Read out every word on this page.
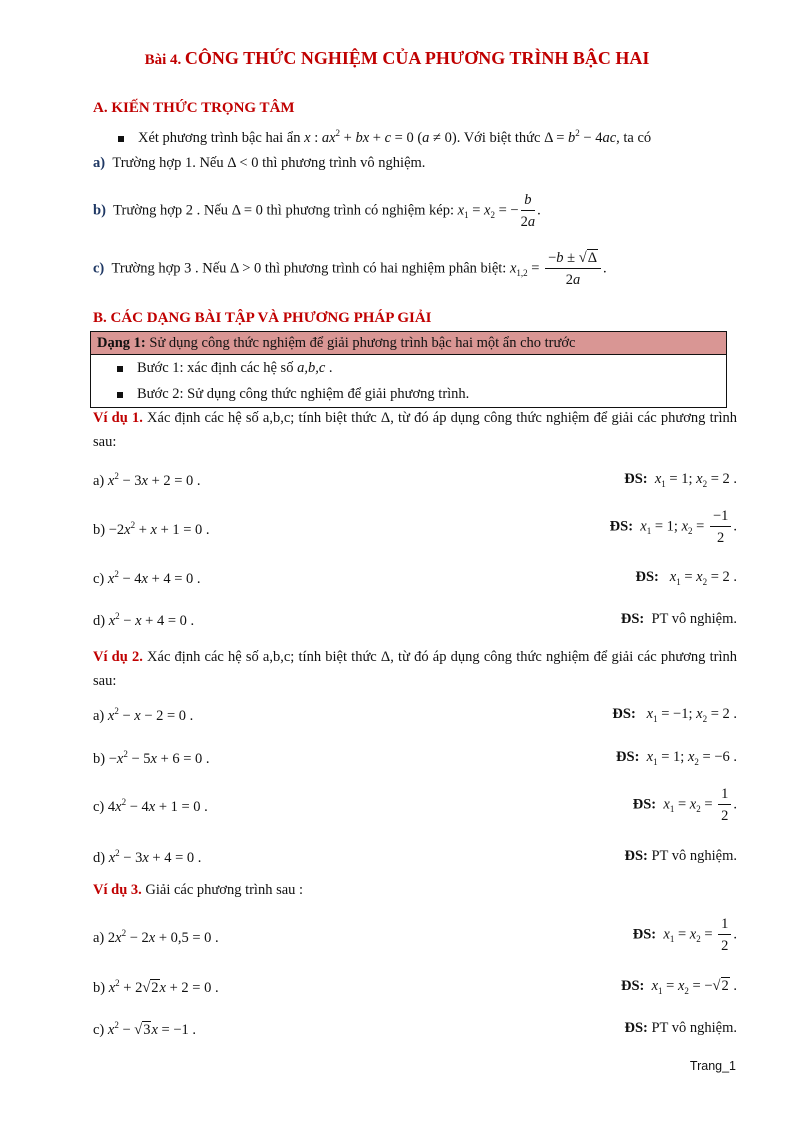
Bài 4. CÔNG THỨC NGHIỆM CỦA PHƯƠNG TRÌNH BẬC HAI
A. KIẾN THỨC TRỌNG TÂM
Xét phương trình bậc hai ẩn x : $ax^2$ + bx + c = 0 (a ≠ 0). Với biệt thức $\Delta = b^2 - 4ac$, ta có
a) Trường hợp 1. Nếu Δ < 0 thì phương trình vô nghiệm.
b) Trường hợp 2 . Nếu Δ = 0 thì phương trình có nghiệm kép: $x_1 = x_2$ = − $\frac{b}{2a}$ .
c) Trường hợp 3 . Nếu Δ > 0 thì phương trình có hai nghiệm phân biệt: $x_{1,2} = \frac{-b \pm √\Delta}{2a}$ .
B. CÁC DẠNG BÀI TẬP VÀ PHƯƠNG PHÁP GIẢI
Dạng 1: Sử dụng công thức nghiệm để giải phương trình bậc hai một ẩn cho trước
Bước 1: xác định các hệ số a,b,c .
Bước 2: Sử dụng công thức nghiệm để giải phương trình.

Ví dụ 1. Xác định các hệ số a,b,c; tính biệt thức Δ, từ đó áp dụng công thức nghiệm để giải các phương trình sau:

a) $x^2 - 3x + 2 = 0$ .	ĐS: $x_1 = 1$; $x_2 = 2$ .
$b) -2x^2 + x + 1 = 0$ .	ĐS: $x_1 = 1$; $x_2 = \frac{-1}{2}$ .
c) $x^2 - 4x + 4 = 0$ .	ĐS: $x_1 = x_2 = 2$ .
d) $x^2 - x + 4 = 0$ .	ĐS: PT vô nghiệm.

Ví dụ 2. Xác định các hệ số a,b,c; tính biệt thức Δ, từ đó áp dụng công thức nghiệm để giải các phương trình sau:

a) $x^2 - x - 2 = 0$ .	ĐS: $x_1 = -1$; $x_2 = 2$ .
$b) -x^2 - 5x + 6 = 0$ .	ĐS: $x_1 = 1$; $x_2 = -6$ .
c) $4x^2 - 4x + 1 = 0$ .	ĐS: $x_1 = x_2 = \frac{1}{2}$ .
d) $x^2 - 3x + 4 = 0$ .	ĐS: PT vô nghiệm.
Ví dụ 3. Giải các phương trình sau :
a) $2x^2 - 2x + 0,5 = 0$ .	ĐS: $x_1 = x_2 = \frac{1}{2}$ .
b) $x^2 + 2√2x + 2 = 0$ .	ĐS: $x_1 = x_2 = -√2$ .
c) $x^2 - √3x = -1$ .	ĐS: PT vô nghiệm.
Trang_1
